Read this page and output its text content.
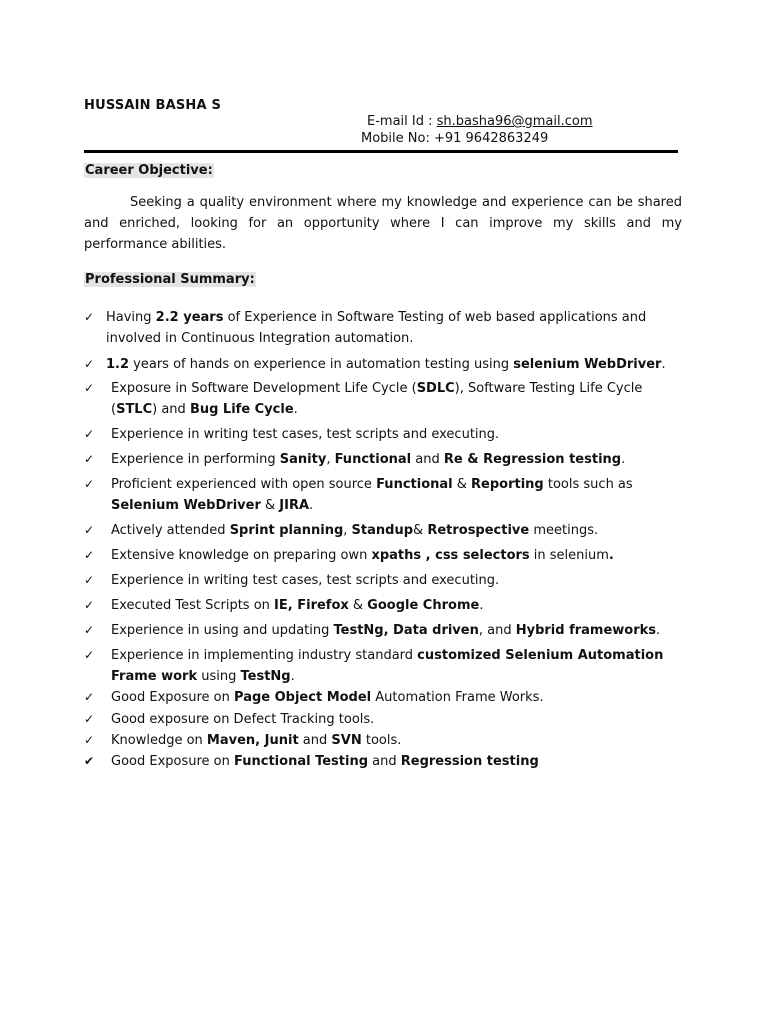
HUSSAIN BASHA S
E-mail Id : sh.basha96@gmail.com
Mobile No: +91 9642863249
Career Objective:
Seeking a quality environment where my knowledge and experience can be shared and enriched, looking for an opportunity where I can improve my skills and my performance abilities.
Professional Summary:
✓ Having 2.2 years of Experience in Software Testing of web based applications and involved in Continuous Integration automation.
✓ 1.2 years of hands on experience in automation testing using selenium WebDriver.
✓	Exposure in Software Development Life Cycle (SDLC), Software Testing Life Cycle (STLC) and Bug Life Cycle.
✓	Experience in writing test cases, test scripts and executing.
✓	Experience in performing Sanity, Functional and Re & Regression testing.
✓	Proficient experienced with open source Functional & Reporting tools such as Selenium WebDriver & JIRA.
✓	Actively attended Sprint planning, Standup& Retrospective meetings.
✓	Extensive knowledge on preparing own xpaths , css selectors in selenium.
✓	Experience in writing test cases, test scripts and executing.
✓	Executed Test Scripts on IE, Firefox & Google Chrome.
✓	Experience in using and updating TestNg, Data driven, and Hybrid frameworks.
✓	Experience in implementing industry standard customized Selenium Automation Frame work using TestNg.
✓	Good Exposure on Page Object Model Automation Frame Works.
✓	Good exposure on Defect Tracking tools.
✓	Knowledge on Maven, Junit and SVN tools.
✔	Good Exposure on Functional Testing and Regression testing
